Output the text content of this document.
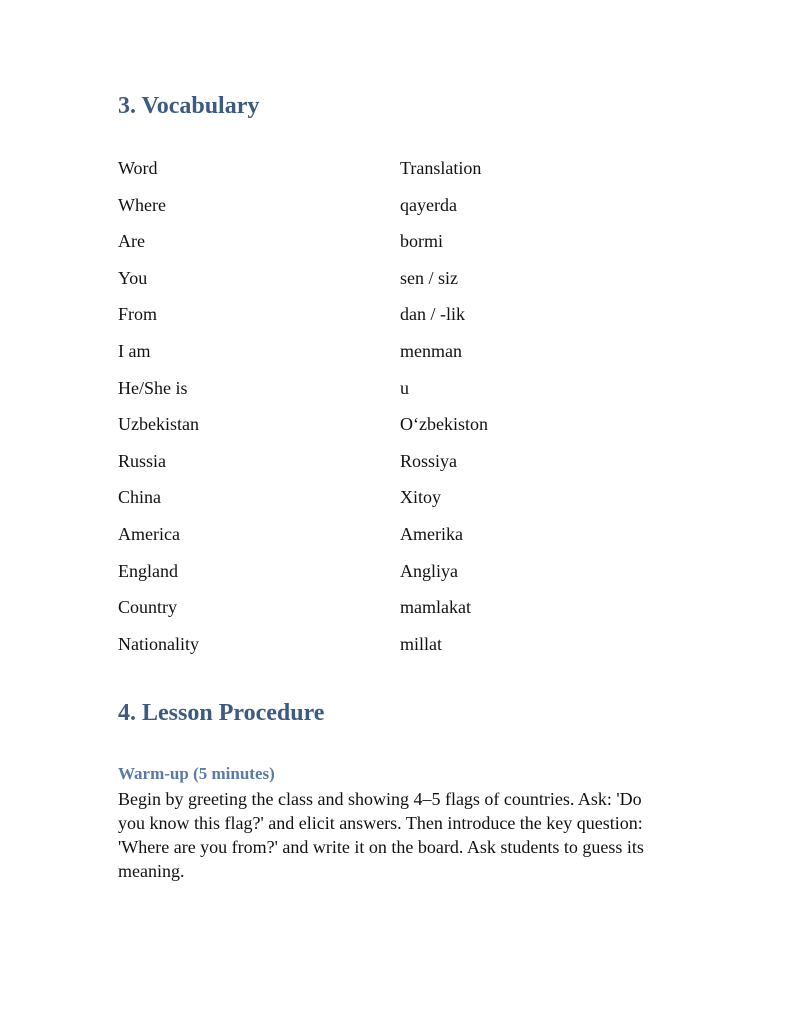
3. Vocabulary
Word	Translation
Where	qayerda
Are	bormi
You	sen / siz
From	dan / -lik
I am	menman
He/She is	u
Uzbekistan	O‘zbekiston
Russia	Rossiya
China	Xitoy
America	Amerika
England	Angliya
Country	mamlakat
Nationality	millat
4. Lesson Procedure
Warm-up (5 minutes)

Begin by greeting the class and showing 4–5 flags of countries. Ask: 'Do you know this flag?' and elicit answers. Then introduce the key question: 'Where are you from?' and write it on the board. Ask students to guess its meaning.
